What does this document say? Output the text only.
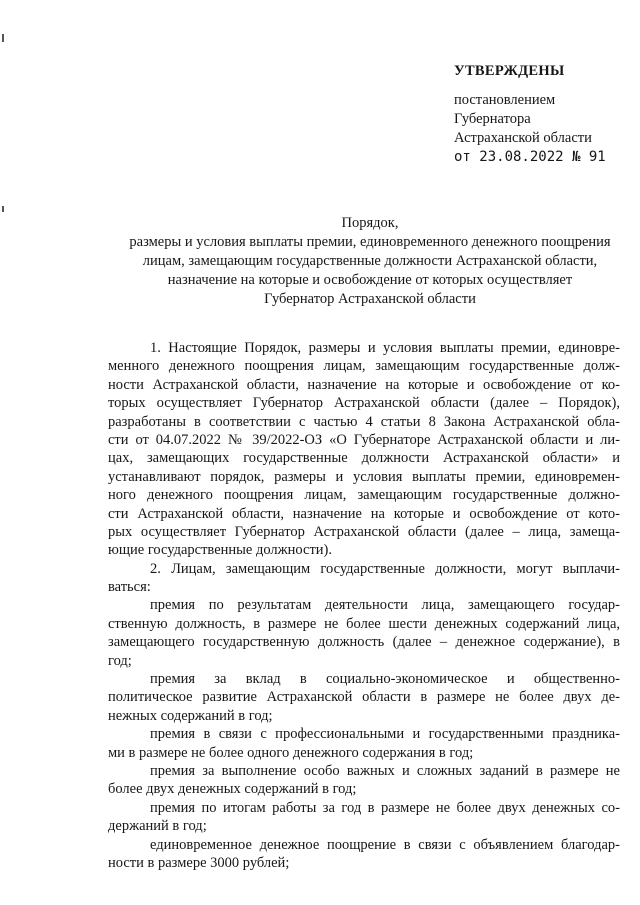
УТВЕРЖДЕНЫ
постановлением
Губернатора
Астраханской области
от 23.08.2022 № 91
Порядок,
размеры и условия выплаты премии, единовременного денежного поощрения
лицам, замещающим государственные должности Астраханской области,
назначение на которые и освобождение от которых осуществляет
Губернатор Астраханской области
1. Настоящие Порядок, размеры и условия выплаты премии, единовре-
менного денежного поощрения лицам, замещающим государственные долж-
ности Астраханской области, назначение на которые и освобождение от ко-
торых осуществляет Губернатор Астраханской области (далее – Порядок),
разработаны в соответствии с частью 4 статьи 8 Закона Астраханской обла-
сти от 04.07.2022 № 39/2022-ОЗ «О Губернаторе Астраханской области и ли-
цах, замещающих государственные должности Астраханской области» и
устанавливают порядок, размеры и условия выплаты премии, единовремен-
ного денежного поощрения лицам, замещающим государственные должно-
сти Астраханской области, назначение на которые и освобождение от кото-
рых осуществляет Губернатор Астраханской области (далее – лица, замеща-
ющие государственные должности).
2. Лицам, замещающим государственные должности, могут выплачи-
ваться:
премия по результатам деятельности лица, замещающего государ-
ственную должность, в размере не более шести денежных содержаний лица,
замещающего государственную должность (далее – денежное содержание), в
год;
премия за вклад в социально-экономическое и общественно-
политическое развитие Астраханской области в размере не более двух де-
нежных содержаний в год;
премия в связи с профессиональными и государственными праздника-
ми в размере не более одного денежного содержания в год;
премия за выполнение особо важных и сложных заданий в размере не
более двух денежных содержаний в год;
премия по итогам работы за год в размере не более двух денежных со-
держаний в год;
единовременное денежное поощрение в связи с объявлением благодар-
ности в размере 3000 рублей;
